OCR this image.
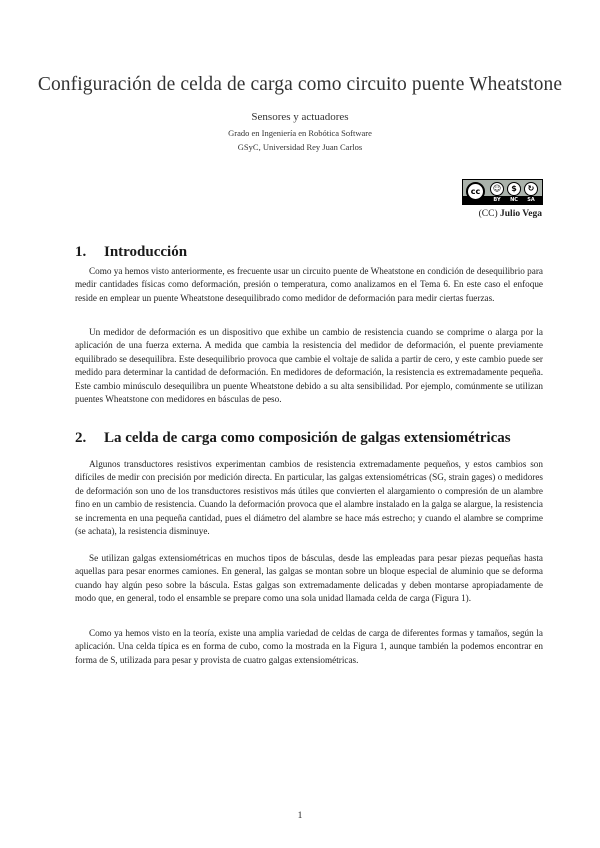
Configuración de celda de carga como circuito puente Wheatstone
Sensores y actuadores
Grado en Ingeniería en Robótica Software
GSyC, Universidad Rey Juan Carlos
cc	☺	$	↻
BY	NC	SA
(CC) Julio Vega
1. Introducción

Como ya hemos visto anteriormente, es frecuente usar un circuito puente de Wheatstone en condición de desequilibrio para medir cantidades físicas como deformación, presión o temperatura, como analizamos en el Tema 6. En este caso el enfoque reside en emplear un puente Wheatstone desequilibrado como medidor de deformación para medir ciertas fuerzas.

Un medidor de deformación es un dispositivo que exhibe un cambio de resistencia cuando se comprime o alarga por la aplicación de una fuerza externa. A medida que cambia la resistencia del medidor de deformación, el puente previamente equilibrado se desequilibra. Este desequilibrio provoca que cambie el voltaje de salida a partir de cero, y este cambio puede ser medido para determinar la cantidad de deformación. En medidores de deformación, la resistencia es extremadamente pequeña. Este cambio minúsculo desequilibra un puente Wheatstone debido a su alta sensibilidad. Por ejemplo, comúnmente se utilizan puentes Wheatstone con medidores en básculas de peso.

2. La celda de carga como composición de galgas extensiométricas

Algunos transductores resistivos experimentan cambios de resistencia extremadamente pequeños, y estos cambios son difíciles de medir con precisión por medición directa. En particular, las galgas extensiométricas (SG, strain gages) o medidores de deformación son uno de los transductores resistivos más útiles que convierten el alargamiento o compresión de un alambre fino en un cambio de resistencia. Cuando la deformación provoca que el alambre instalado en la galga se alargue, la resistencia se incrementa en una pequeña cantidad, pues el diámetro del alambre se hace más estrecho; y cuando el alambre se comprime (se achata), la resistencia disminuye.

Se utilizan galgas extensiométricas en muchos tipos de básculas, desde las empleadas para pesar piezas pequeñas hasta aquellas para pesar enormes camiones. En general, las galgas se montan sobre un bloque especial de aluminio que se deforma cuando hay algún peso sobre la báscula. Estas galgas son extremadamente delicadas y deben montarse apropiadamente de modo que, en general, todo el ensamble se prepare como una sola unidad llamada celda de carga (Figura 1).

Como ya hemos visto en la teoría, existe una amplia variedad de celdas de carga de diferentes formas y tamaños, según la aplicación. Una celda típica es en forma de cubo, como la mostrada en la Figura 1, aunque también la podemos encontrar en forma de S, utilizada para pesar y provista de cuatro galgas extensiométricas.

1
